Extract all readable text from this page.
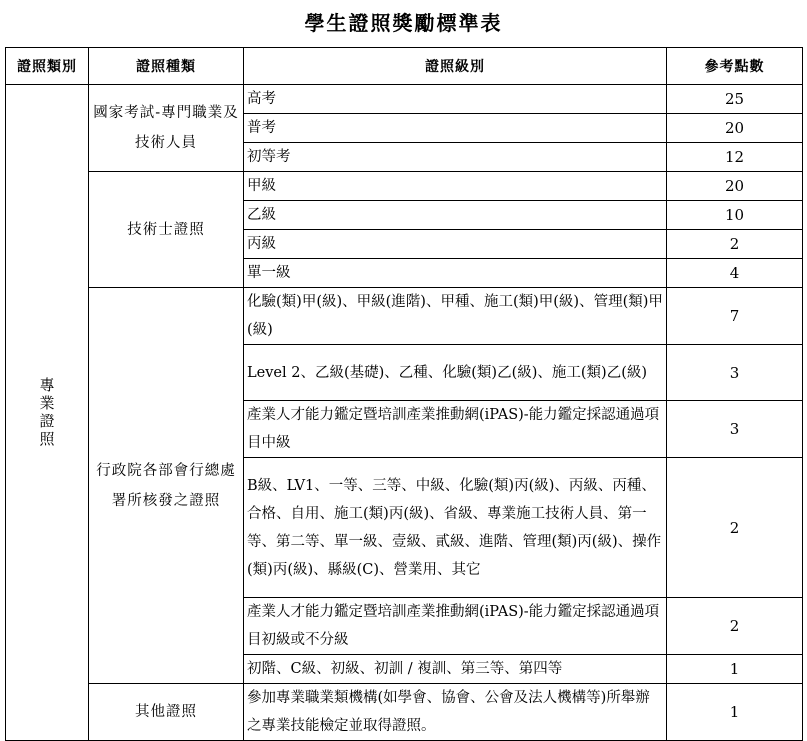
學生證照獎勵標準表
證照類別	證照種類	證照級別	參考點數

專業證照	國家考試-專門職業及技術人員	高考	25
		普考	20
		初等考	12
	技術士證照	甲級	20
		乙級	10
		丙級	2
		單一級	4
	行政院各部會行總處署所核發之證照	化驗(類)甲(級)、甲級(進階)、甲種、施工(類)甲(級)、管理(類)甲(級)	7
		Level 2、乙級(基礎)、乙種、化驗(類)乙(級)、施工(類)乙(級)	3
		產業人才能力鑑定暨培訓產業推動網(iPAS)-能力鑑定採認通過項目中級	3
		B級、LV1、一等、三等、中級、化驗(類)丙(級)、丙級、丙種、合格、自用、施工(類)丙(級)、省級、專業施工技術人員、第一等、第二等、單一級、壹級、貳級、進階、管理(類)丙(級)、操作(類)丙(級)、縣級(C)、營業用、其它	2
		產業人才能力鑑定暨培訓產業推動網(iPAS)-能力鑑定採認通過項目初級或不分級	2
		初階、C級、初級、初訓 / 複訓、第三等、第四等	1
	其他證照	參加專業職業類機構(如學會、協會、公會及法人機構等)所舉辦之專業技能檢定並取得證照。	1
